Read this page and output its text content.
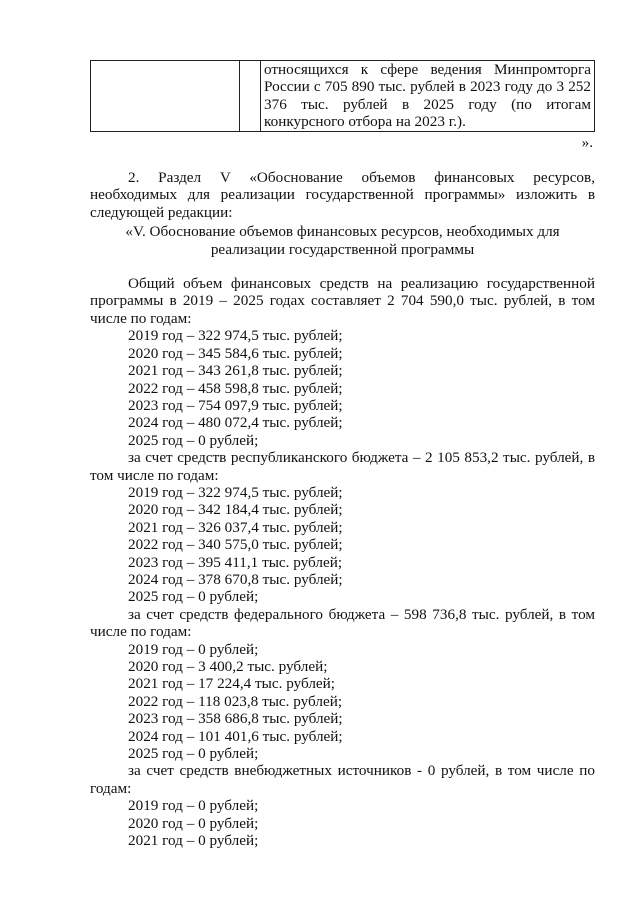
		относящихся к сфере ведения Минпромторга России с 705 890 тыс. рублей в 2023 году до 3 252 376 тыс. рублей в 2025 году (по итогам конкурсного отбора на 2023 г.).
».

2. Раздел V «Обоснование объемов финансовых ресурсов, необходимых для реализации государственной программы» изложить в следующей редакции:

«V. Обоснование объемов финансовых ресурсов, необходимых для реализации государственной программы

Общий объем финансовых средств на реализацию государственной программы в 2019 – 2025 годах составляет 2 704 590,0 тыс. рублей, в том числе по годам:

2019 год – 322 974,5 тыс. рублей;

2020 год – 345 584,6 тыс. рублей;

2021 год – 343 261,8 тыс. рублей;

2022 год – 458 598,8 тыс. рублей;

2023 год – 754 097,9 тыс. рублей;

2024 год – 480 072,4 тыс. рублей;

2025 год – 0 рублей;

за счет средств республиканского бюджета – 2 105 853,2 тыс. рублей, в том числе по годам:

2019 год – 322 974,5 тыс. рублей;

2020 год – 342 184,4 тыс. рублей;

2021 год – 326 037,4 тыс. рублей;

2022 год – 340 575,0 тыс. рублей;

2023 год – 395 411,1 тыс. рублей;

2024 год – 378 670,8 тыс. рублей;

2025 год – 0 рублей;

за счет средств федерального бюджета – 598 736,8 тыс. рублей, в том числе по годам:

2019 год – 0 рублей;

2020 год – 3 400,2 тыс. рублей;

2021 год – 17 224,4 тыс. рублей;

2022 год – 118 023,8 тыс. рублей;

2023 год – 358 686,8 тыс. рублей;

2024 год – 101 401,6 тыс. рублей;

2025 год – 0 рублей;

за счет средств внебюджетных источников - 0 рублей, в том числе по годам:

2019 год – 0 рублей;

2020 год – 0 рублей;

2021 год – 0 рублей;
